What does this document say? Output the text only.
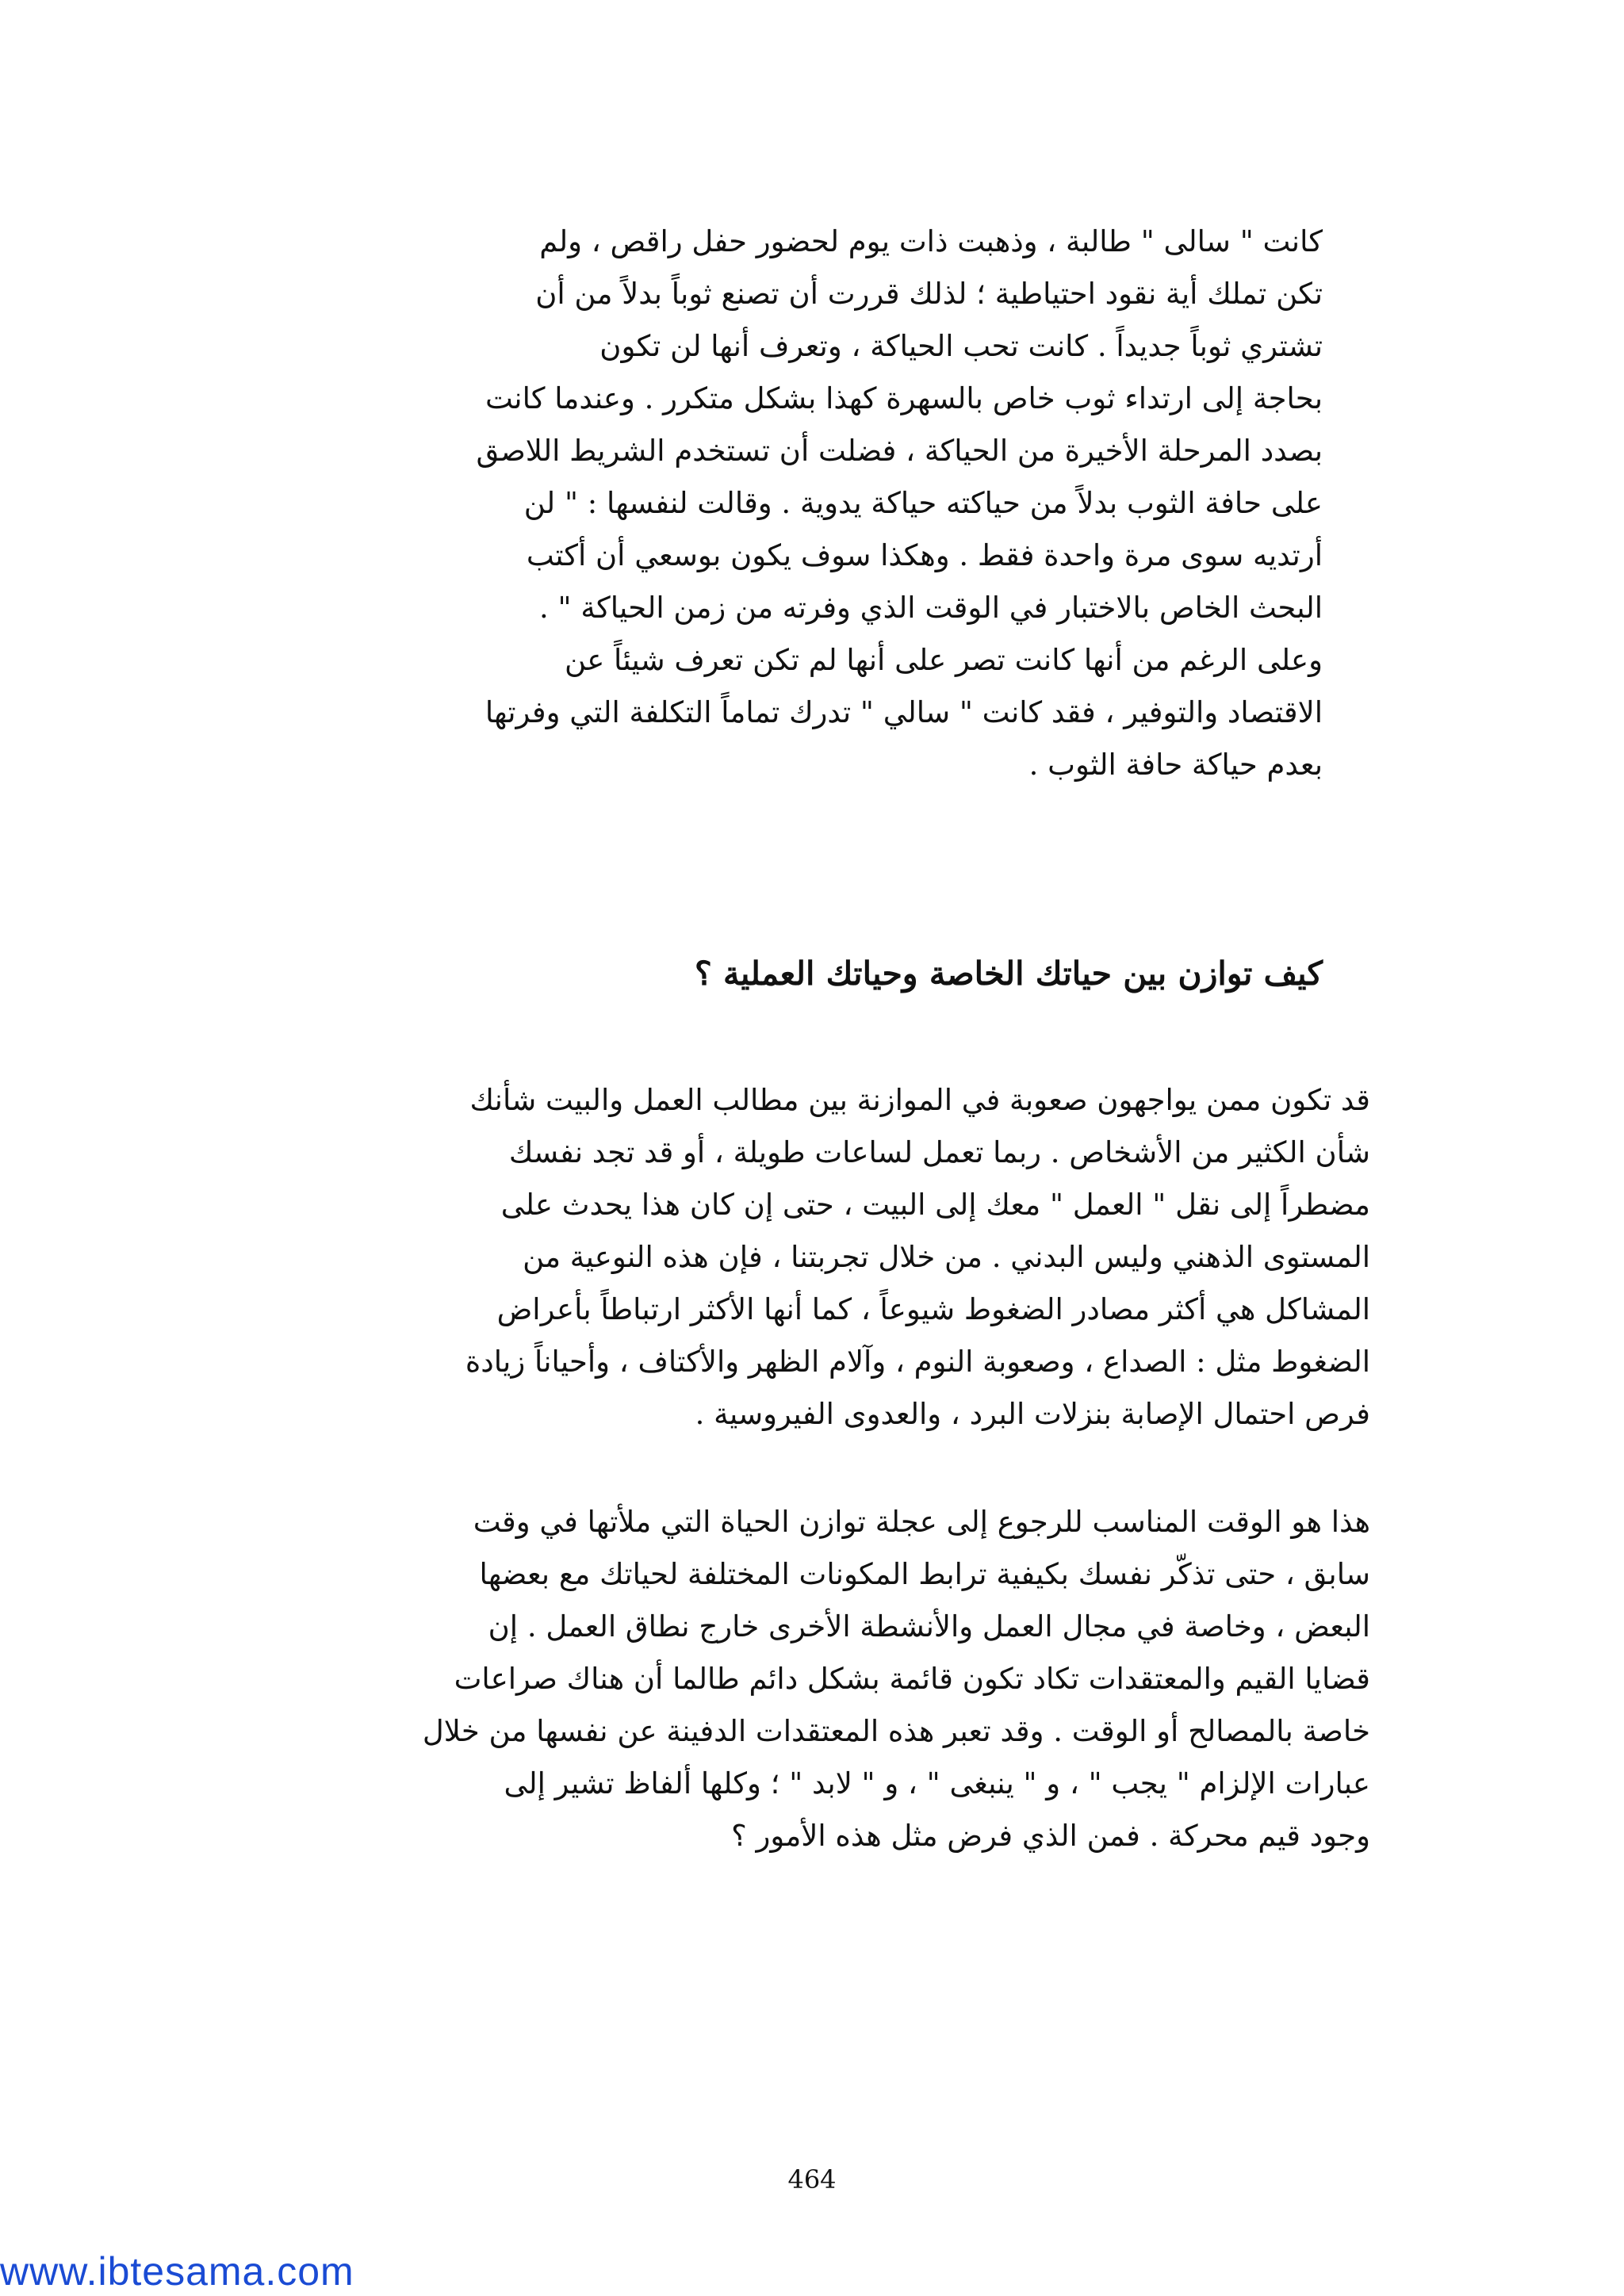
كانت " سالى " طالبة ، وذهبت ذات يوم لحضور حفل راقص ، ولم
تكن تملك أية نقود احتياطية ؛ لذلك قررت أن تصنع ثوباً بدلاً من أن
تشتري ثوباً جديداً . كانت تحب الحياكة ، وتعرف أنها لن تكون
بحاجة إلى ارتداء ثوب خاص بالسهرة كهذا بشكل متكرر . وعندما كانت
بصدد المرحلة الأخيرة من الحياكة ، فضلت أن تستخدم الشريط اللاصق
على حافة الثوب بدلاً من حياكته حياكة يدوية . وقالت لنفسها : " لن
أرتديه سوى مرة واحدة فقط . وهكذا سوف يكون بوسعي أن أكتب
البحث الخاص بالاختبار في الوقت الذي وفرته من زمن الحياكة " .
وعلى الرغم من أنها كانت تصر على أنها لم تكن تعرف شيئاً عن
الاقتصاد والتوفير ، فقد كانت " سالي " تدرك تماماً التكلفة التي وفرتها
بعدم حياكة حافة الثوب .
كيف توازن بين حياتك الخاصة وحياتك العملية ؟
قد تكون ممن يواجهون صعوبة في الموازنة بين مطالب العمل والبيت شأنك
شأن الكثير من الأشخاص . ربما تعمل لساعات طويلة ، أو قد تجد نفسك
مضطراً إلى نقل " العمل " معك إلى البيت ، حتى إن كان هذا يحدث على
المستوى الذهني وليس البدني . من خلال تجربتنا ، فإن هذه النوعية من
المشاكل هي أكثر مصادر الضغوط شيوعاً ، كما أنها الأكثر ارتباطاً بأعراض
الضغوط مثل : الصداع ، وصعوبة النوم ، وآلام الظهر والأكتاف ، وأحياناً زيادة
فرص احتمال الإصابة بنزلات البرد ، والعدوى الفيروسية .
هذا هو الوقت المناسب للرجوع إلى عجلة توازن الحياة التي ملأتها في وقت
سابق ، حتى تذكّر نفسك بكيفية ترابط المكونات المختلفة لحياتك مع بعضها
البعض ، وخاصة في مجال العمل والأنشطة الأخرى خارج نطاق العمل . إن
قضايا القيم والمعتقدات تكاد تكون قائمة بشكل دائم طالما أن هناك صراعات
خاصة بالمصالح أو الوقت . وقد تعبر هذه المعتقدات الدفينة عن نفسها من خلال
عبارات الإلزام " يجب " ، و " ينبغى " ، و " لابد " ؛ وكلها ألفاظ تشير إلى
وجود قيم محركة . فمن الذي فرض مثل هذه الأمور ؟
464
www.ibtesama.com
